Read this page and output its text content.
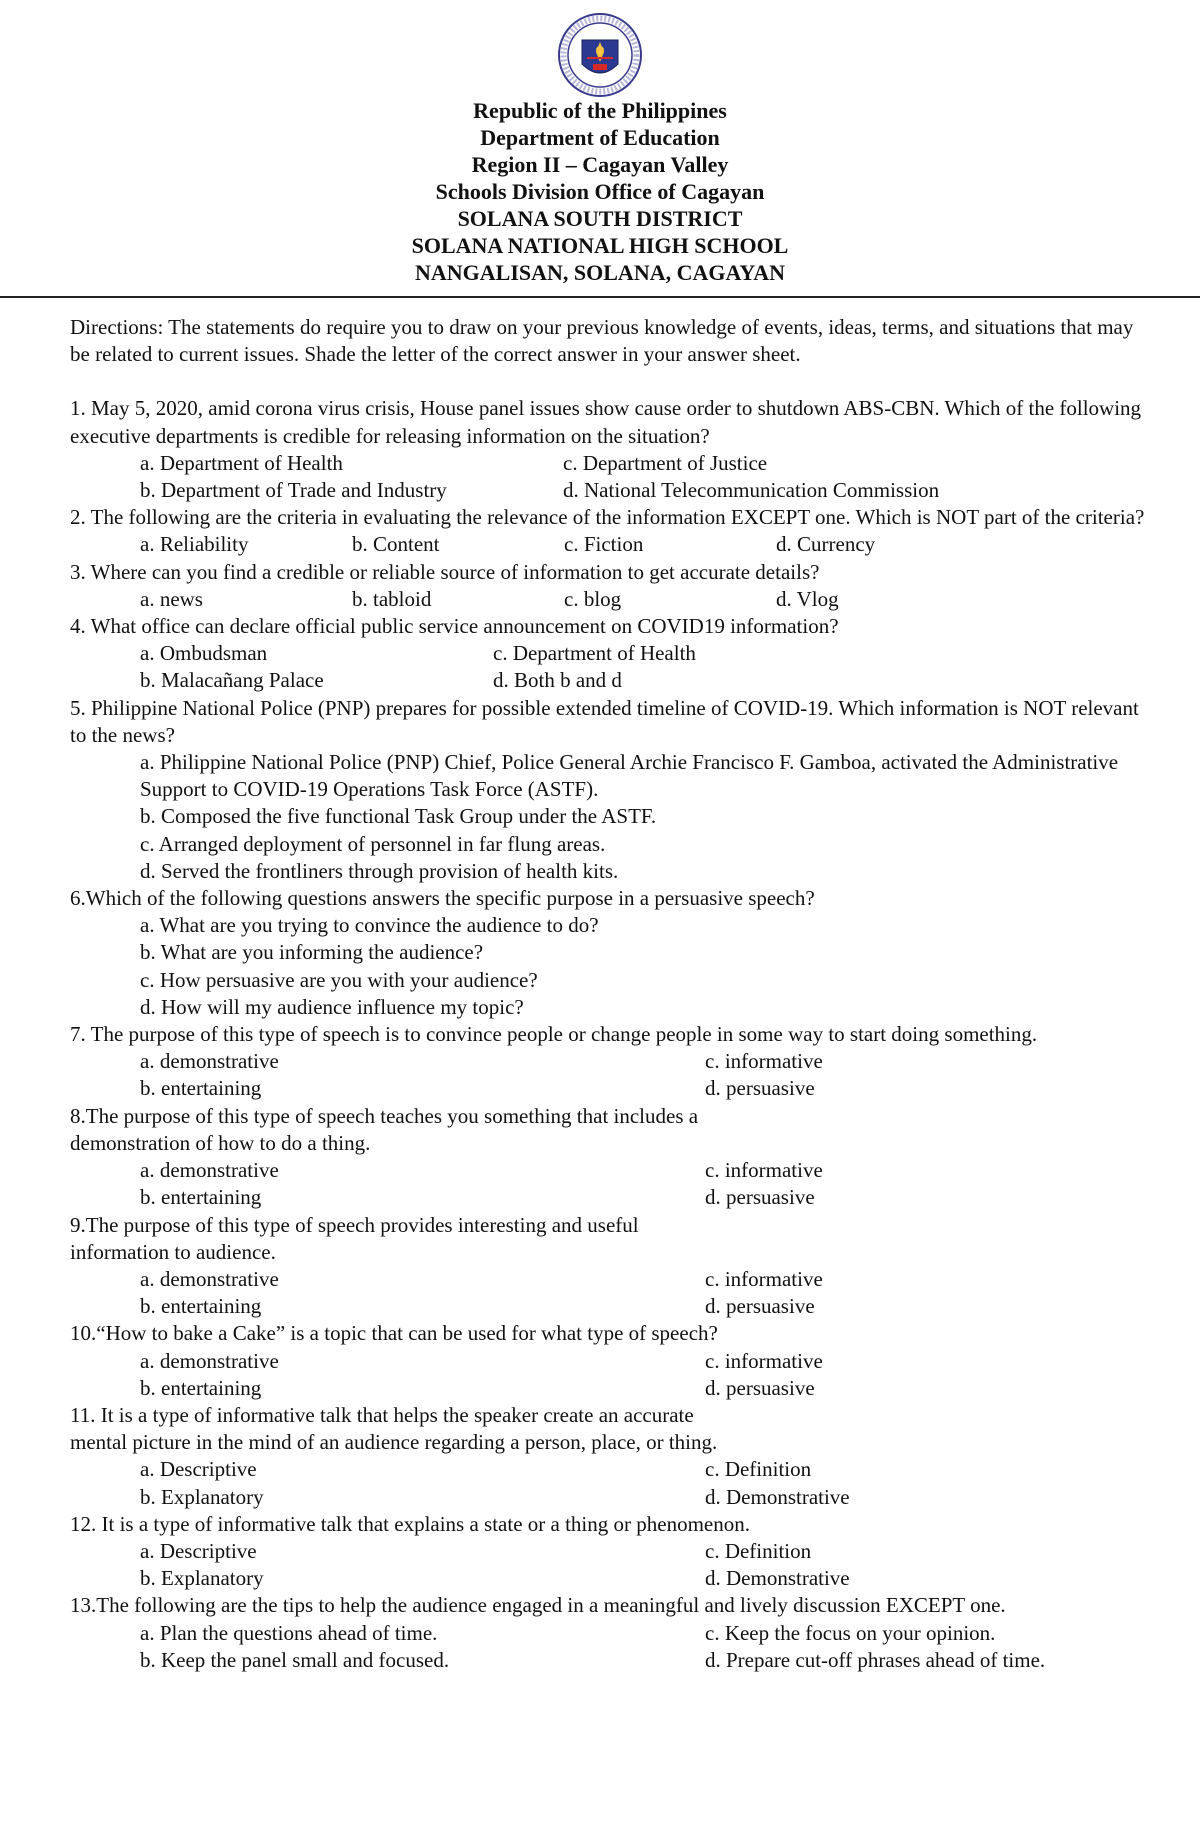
Republic of the Philippines
Department of Education
Region II – Cagayan Valley
Schools Division Office of Cagayan
SOLANA SOUTH DISTRICT
SOLANA NATIONAL HIGH SCHOOL
NANGALISAN, SOLANA, CAGAYAN
Directions: The statements do require you to draw on your previous knowledge of events, ideas, terms, and situations that may be related to current issues. Shade the letter of the correct answer in your answer sheet.
1. May 5, 2020, amid corona virus crisis, House panel issues show cause order to shutdown ABS-CBN. Which of the following executive departments is credible for releasing information on the situation?
a. Department of Health	c. Department of Justice
b. Department of Trade and Industry	d. National Telecommunication Commission
2. The following are the criteria in evaluating the relevance of the information EXCEPT one. Which is NOT part of the criteria?
a. Reliability	b. Content	c. Fiction	d. Currency
3. Where can you find a credible or reliable source of information to get accurate details?
a. news	b. tabloid	c. blog	d. Vlog
4. What office can declare official public service announcement on COVID19 information?
a. Ombudsman	c. Department of Health
b. Malacañang Palace	d. Both b and d
5. Philippine National Police (PNP) prepares for possible extended timeline of COVID-19. Which information is NOT relevant to the news?
a. Philippine National Police (PNP) Chief, Police General Archie Francisco F. Gamboa, activated the Administrative Support to COVID-19 Operations Task Force (ASTF).
b. Composed the five functional Task Group under the ASTF.
c. Arranged deployment of personnel in far flung areas.
d. Served the frontliners through provision of health kits.
6.Which of the following questions answers the specific purpose in a persuasive speech?
a. What are you trying to convince the audience to do?
b. What are you informing the audience?
c. How persuasive are you with your audience?
d. How will my audience influence my topic?
7. The purpose of this type of speech is to convince people or change people in some way to start doing something.
a. demonstrative	c. informative
b. entertaining	d. persuasive
8.The purpose of this type of speech teaches you something that includes a
demonstration of how to do a thing.
a. demonstrative	c. informative
b. entertaining	d. persuasive
9.The purpose of this type of speech provides interesting and useful
information to audience.
a. demonstrative	c. informative
b. entertaining	d. persuasive
10.“How to bake a Cake” is a topic that can be used for what type of speech?
a. demonstrative	c. informative
b. entertaining	d. persuasive
11. It is a type of informative talk that helps the speaker create an accurate
mental picture in the mind of an audience regarding a person, place, or thing.
a. Descriptive	c. Definition
b. Explanatory	d. Demonstrative
12. It is a type of informative talk that explains a state or a thing or phenomenon.
a. Descriptive	c. Definition
b. Explanatory	d. Demonstrative
13.The following are the tips to help the audience engaged in a meaningful and lively discussion EXCEPT one.
a. Plan the questions ahead of time.	c. Keep the focus on your opinion.
b. Keep the panel small and focused.	d. Prepare cut-off phrases ahead of time.
